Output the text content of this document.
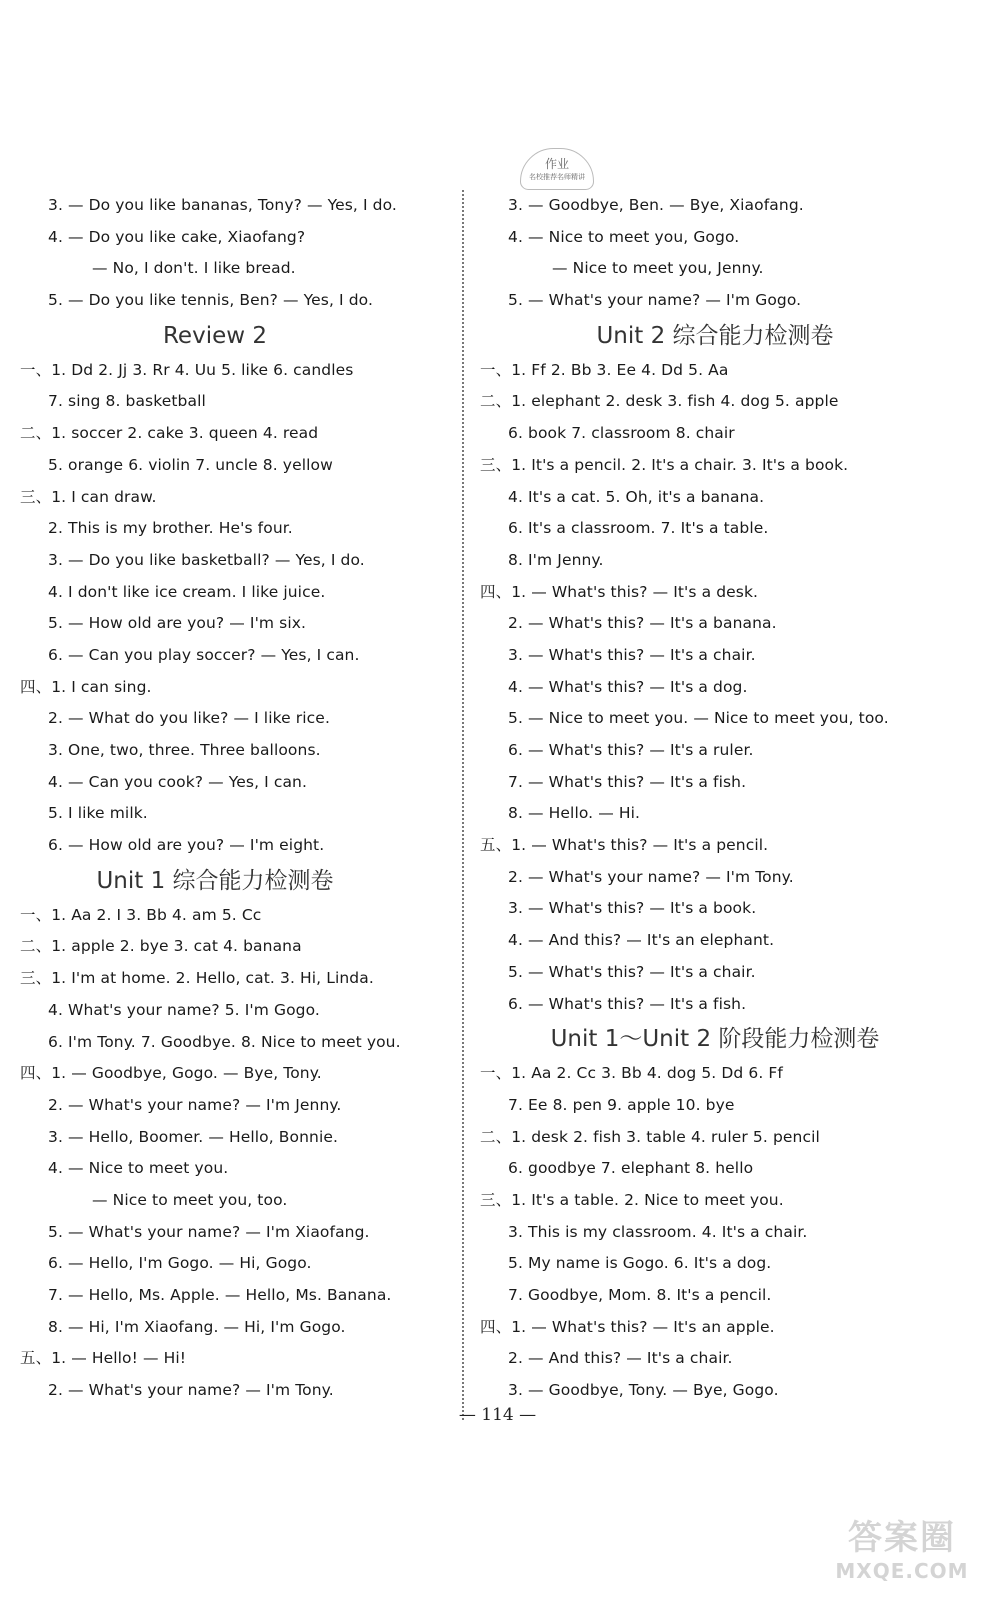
作业
名校推荐名师精讲
3. — Do you like bananas, Tony? — Yes, I do.
4. — Do you like cake, Xiaofang?
— No, I don't. I like bread.
5. — Do you like tennis, Ben? — Yes, I do.
Review 2
一、1. Dd 2. Jj 3. Rr 4. Uu 5. like 6. candles
7. sing 8. basketball
二、1. soccer 2. cake 3. queen 4. read
5. orange 6. violin 7. uncle 8. yellow
三、1. I can draw.
2. This is my brother. He's four.
3. — Do you like basketball? — Yes, I do.
4. I don't like ice cream. I like juice.
5. — How old are you? — I'm six.
6. — Can you play soccer? — Yes, I can.
四、1. I can sing.
2. — What do you like? — I like rice.
3. One, two, three. Three balloons.
4. — Can you cook? — Yes, I can.
5. I like milk.
6. — How old are you? — I'm eight.
Unit 1 综合能力检测卷
一、1. Aa 2. I 3. Bb 4. am 5. Cc
二、1. apple 2. bye 3. cat 4. banana
三、1. I'm at home. 2. Hello, cat. 3. Hi, Linda.
4. What's your name? 5. I'm Gogo.
6. I'm Tony. 7. Goodbye. 8. Nice to meet you.
四、1. — Goodbye, Gogo. — Bye, Tony.
2. — What's your name? — I'm Jenny.
3. — Hello, Boomer. — Hello, Bonnie.
4. — Nice to meet you.
— Nice to meet you, too.
5. — What's your name? — I'm Xiaofang.
6. — Hello, I'm Gogo. — Hi, Gogo.
7. — Hello, Ms. Apple. — Hello, Ms. Banana.
8. — Hi, I'm Xiaofang. — Hi, I'm Gogo.
五、1. — Hello! — Hi!
2. — What's your name? — I'm Tony.
3. — Goodbye, Ben. — Bye, Xiaofang.
4. — Nice to meet you, Gogo.
— Nice to meet you, Jenny.
5. — What's your name? — I'm Gogo.
Unit 2 综合能力检测卷
一、1. Ff 2. Bb 3. Ee 4. Dd 5. Aa
二、1. elephant 2. desk 3. fish 4. dog 5. apple
6. book 7. classroom 8. chair
三、1. It's a pencil. 2. It's a chair. 3. It's a book.
4. It's a cat. 5. Oh, it's a banana.
6. It's a classroom. 7. It's a table.
8. I'm Jenny.
四、1. — What's this? — It's a desk.
2. — What's this? — It's a banana.
3. — What's this? — It's a chair.
4. — What's this? — It's a dog.
5. — Nice to meet you. — Nice to meet you, too.
6. — What's this? — It's a ruler.
7. — What's this? — It's a fish.
8. — Hello. — Hi.
五、1. — What's this? — It's a pencil.
2. — What's your name? — I'm Tony.
3. — What's this? — It's a book.
4. — And this? — It's an elephant.
5. — What's this? — It's a chair.
6. — What's this? — It's a fish.
Unit 1～Unit 2 阶段能力检测卷
一、1. Aa 2. Cc 3. Bb 4. dog 5. Dd 6. Ff
7. Ee 8. pen 9. apple 10. bye
二、1. desk 2. fish 3. table 4. ruler 5. pencil
6. goodbye 7. elephant 8. hello
三、1. It's a table. 2. Nice to meet you.
3. This is my classroom. 4. It's a chair.
5. My name is Gogo. 6. It's a dog.
7. Goodbye, Mom. 8. It's a pencil.
四、1. — What's this? — It's an apple.
2. — And this? — It's a chair.
3. — Goodbye, Tony. — Bye, Gogo.
— 114 —
答案圈
MXQE.COM
